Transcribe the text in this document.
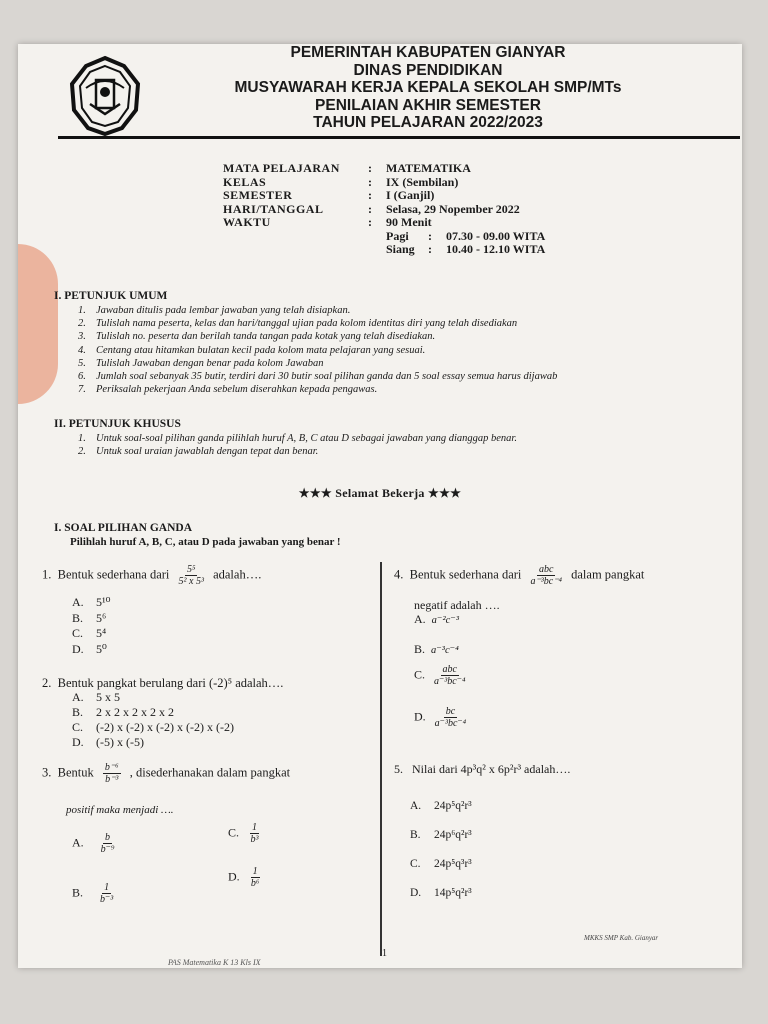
PEMERINTAH KABUPATEN GIANYAR
DINAS PENDIDIKAN
MUSYAWARAH KERJA KEPALA SEKOLAH SMP/MTs
PENILAIAN AKHIR SEMESTER
TAHUN PELAJARAN 2022/2023
MATA PELAJARAN	:	MATEMATIKA
KELAS	:	IX (Sembilan)
SEMESTER	:	I (Ganjil)
HARI/TANGGAL	:	Selasa, 29 Nopember 2022
WAKTU	:	90 Menit
Pagi	:	07.30 - 09.00 WITA
Siang	:	10.40 - 12.10 WITA
I. PETUNJUK UMUM
1. Jawaban ditulis pada lembar jawaban yang telah disiapkan.
2. Tulislah nama peserta, kelas dan hari/tanggal ujian pada kolom identitas diri yang telah disediakan
3. Tulislah no. peserta dan berilah tanda tangan pada kotak yang telah disediakan.
4. Centang atau hitamkan bulatan kecil pada kolom mata pelajaran yang sesuai.
5. Tulislah Jawaban dengan benar pada kolom Jawaban
6. Jumlah soal sebanyak 35 butir, terdiri dari 30 butir soal pilihan ganda dan 5 soal essay semua harus dijawab
7. Periksalah pekerjaan Anda sebelum diserahkan kepada pengawas.
II. PETUNJUK KHUSUS
1. Untuk soal-soal pilihan ganda pilihlah huruf A, B, C atau D sebagai jawaban yang dianggap benar.
2. Untuk soal uraian jawablah dengan tepat dan benar.
★★★ Selamat Bekerja ★★★
I. SOAL PILIHAN GANDA
Pilihlah huruf A, B, C, atau D pada jawaban yang benar !
1. Bentuk sederhana dari $\frac{\text{5⁵}}{\text{5² x 5³}}$ adalah….
A.	5¹⁰
B.	5⁶
C.	5⁴
D.	5⁰
2. Bentuk pangkat berulang dari (-2)⁵ adalah….
A.	5 x 5
B.	2 x 2 x 2 x 2 x 2
C.	(-2) x (-2) x (-2) x (-2) x (-2)
D.	(-5) x (-5)
3. Bentuk $\frac{\text{b⁻⁶}}{\text{b⁻³}}$ , disederhanakan dalam pangkat
positif maka menjadi ….
A. $\frac{b}{\text{b⁻⁹}}$
B. $\frac{1}{\text{b⁻³}}$
C. $\frac{1}{\text{b³}}$
D. $\frac{1}{\text{b⁶}}$
4. Bentuk sederhana dari $\frac{\text{abc}}{\text{a⁻³bc⁻⁴}}$ dalam pangkat
negatif adalah ….
A. a⁻²c⁻³
B. a⁻³c⁻⁴
C. $\frac{\text{abc}}{\text{a⁻³bc⁻⁴}}$
D. $\frac{bc}{\text{a⁻³bc⁻⁴}}$
5. Nilai dari 4p³q² x 6p²r³ adalah….
A.	24p⁵q²r³
B.	24p⁶q²r³
C.	24p⁵q³r³
D.	14p⁵q²r³
MKKS SMP Kab. Gianyar
1
PAS Matematika K 13 Kls IX
